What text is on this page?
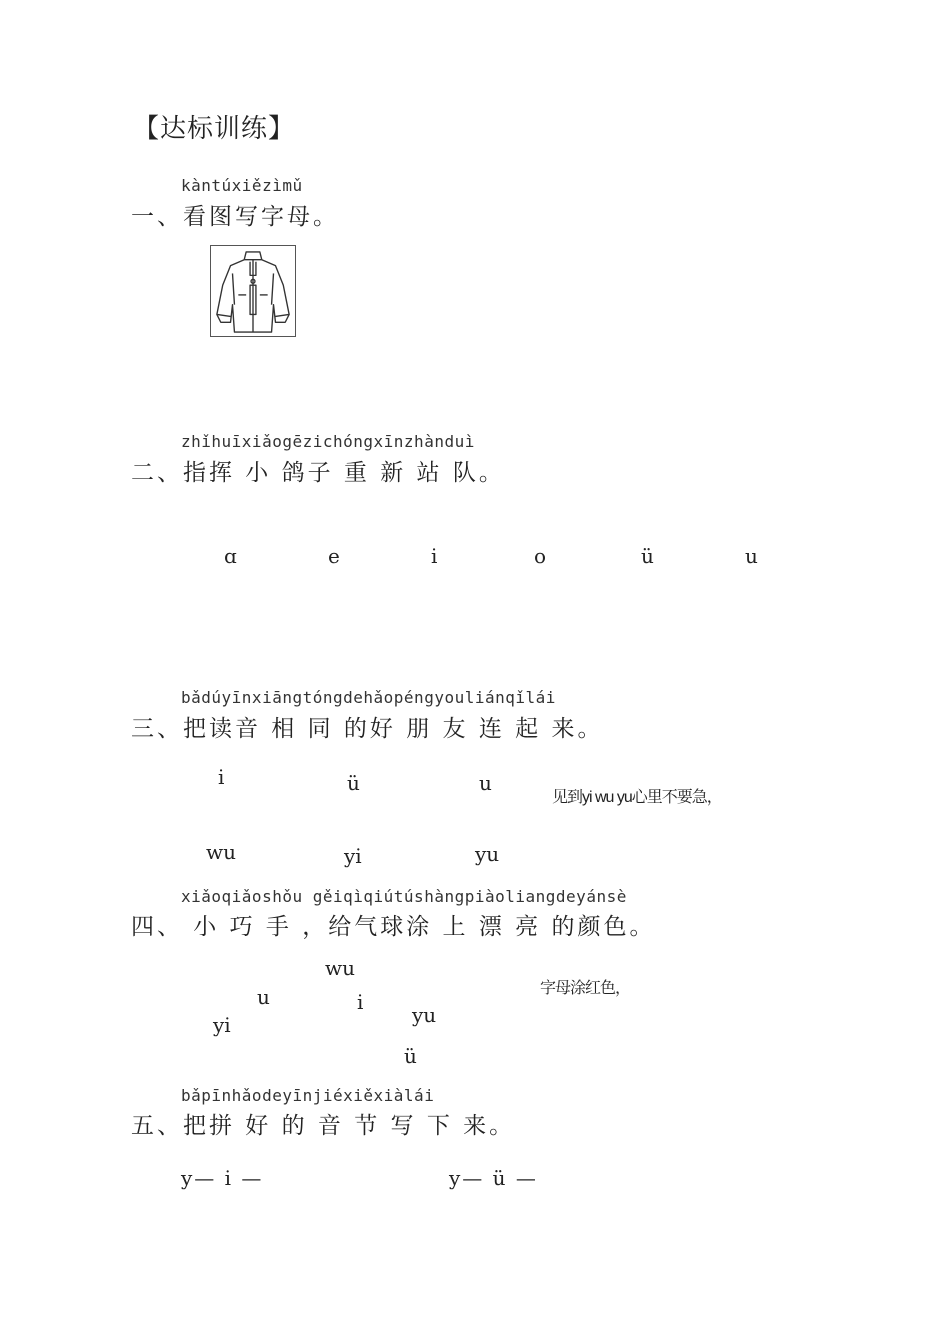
【达标训练】
kàntúxiězìmǔ
一、看图写字母。
zhǐhuīxiǎogēzichóngxīnzhànduì
二、指挥 小 鸽子 重 新 站 队。
ɑ	e	i	o	ü	u
bǎdúyīnxiāngtóngdehǎopéngyouliánqǐlái
三、把读音 相 同 的好 朋 友 连 起 来。
i	ü	u
见到yi wu yu心里不要急，
wu	yi	yu
xiǎoqiǎoshǒu gěiqìqiútúshàngpiàoliangdeyánsè
四、 小 巧 手 ，给气球涂 上 漂 亮 的颜色。
wu
u	i
yi	yu
ü
字母涂红色，
bǎpīnhǎodeyīnjiéxiěxiàlái
五、把拼 好 的 音 节 写 下 来。
y— i —	y— ü —
